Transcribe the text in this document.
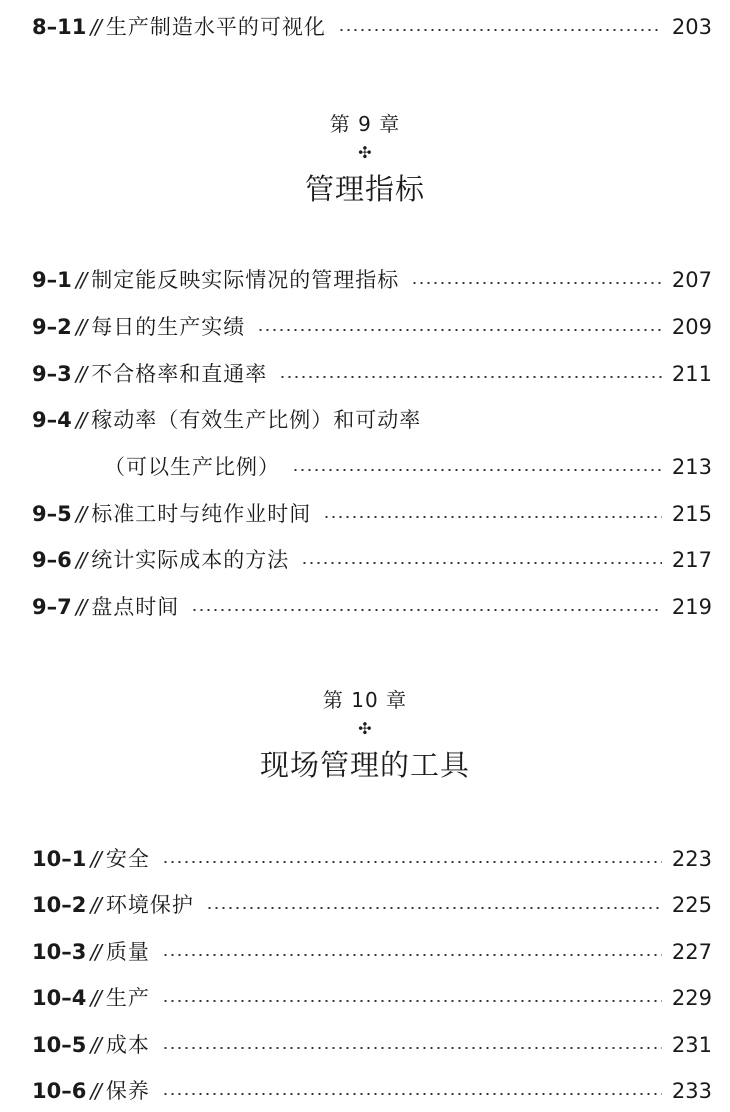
8–11 // 生产制造水平的可视化	203
第 9 章
✣
管理指标
9–1 // 制定能反映实际情况的管理指标	207
9–2 // 每日的生产实绩	209
9–3 // 不合格率和直通率	211
9–4 // 稼动率（有效生产比例）和可动率
（可以生产比例）	213
9–5 // 标准工时与纯作业时间	215
9–6 // 统计实际成本的方法	217
9–7 // 盘点时间	219
第 10 章
✣
现场管理的工具
10–1 // 安全	223
10–2 // 环境保护	225
10–3 // 质量	227
10–4 // 生产	229
10–5 // 成本	231
10–6 // 保养	233
